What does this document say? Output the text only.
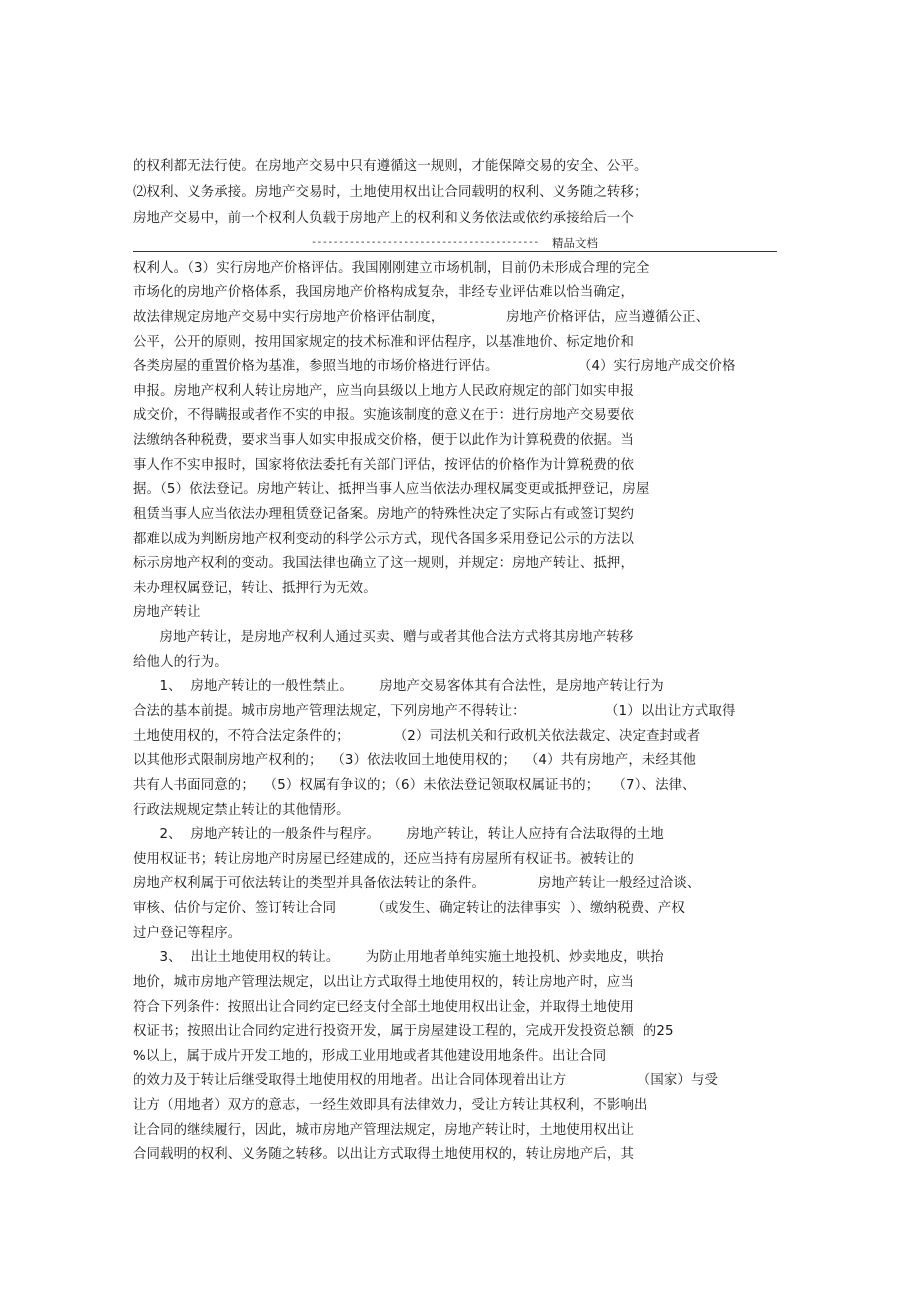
的权利都无法行使。在房地产交易中只有遵循这一规则，才能保障交易的安全、公平。
⑵权利、义务承接。房地产交易时，土地使用权出让合同载明的权利、义务随之转移；
房地产交易中，前一个权利人负载于房地产上的权利和义务依法或依约承接给后一个
------------------------------------------ 精品文档
权利人。（3）实行房地产价格评估。我国刚刚建立市场机制，目前仍未形成合理的完全
市场化的房地产价格体系，我国房地产价格构成复杂，非经专业评估难以恰当确定，
故法律规定房地产交易中实行房地产价格评估制度，              房地产价格评估，应当遵循公正、
公平，公开的原则，按用国家规定的技术标准和评估程序，以基准地价、标定地价和
各类房屋的重置价格为基准，参照当地的市场价格进行评估。                  （4）实行房地产成交价格
申报。房地产权利人转让房地产，应当向县级以上地方人民政府规定的部门如实申报
成交价，不得瞒报或者作不实的申报。实施该制度的意义在于：进行房地产交易要依
法缴纳各种税费，要求当事人如实申报成交价格，便于以此作为计算税费的依据。当
事人作不实申报时，国家将依法委托有关部门评估，按评估的价格作为计算税费的依
据。（5）依法登记。房地产转让、抵押当事人应当依法办理权属变更或抵押登记，房屋
租赁当事人应当依法办理租赁登记备案。房地产的特殊性决定了实际占有或签订契约
都难以成为判断房地产权利变动的科学公示方式，现代各国多采用登记公示的方法以
标示房地产权利的变动。我国法律也确立了这一规则，并规定：房地产转让、抵押，
未办理权属登记，转让、抵押行为无效。
房地产转让
房地产转让，是房地产权利人通过买卖、赠与或者其他合法方式将其房地产转移
给他人的行为。
1、  房地产转让的一般性禁止。      房地产交易客体其有合法性，是房地产转让行为
合法的基本前提。城市房地产管理法规定，下列房地产不得转让：                  （1）以出让方式取得
土地使用权的，不符合法定条件的；          （2）司法机关和行政机关依法裁定、决定查封或者
以其他形式限制房地产权利的；  （3）依法收回土地使用权的；  （4）共有房地产，未经其他
共有人书面同意的；  （5）权属有争议的；（6）未依法登记领取权属证书的；   （7）、法律、
行政法规规定禁止转让的其他情形。
2、  房地产转让的一般条件与程序。      房地产转让，转让人应持有合法取得的土地
使用权证书；转让房地产时房屋已经建成的，还应当持有房屋所有权证书。被转让的
房地产权利属于可依法转让的类型并具备依法转让的条件。            房地产转让一般经过洽谈、
审核、估价与定价、签订转让合同        （或发生、确定转让的法律事实  ）、缴纳税费、产权
过户登记等程序。
3、  出让土地使用权的转让。      为防止用地者单纯实施土地投机、炒卖地皮，哄抬
地价，城市房地产管理法规定，以出让方式取得土地使用权的，转让房地产时，应当
符合下列条件：按照出让合同约定已经支付全部土地使用权出让金，并取得土地使用
权证书；按照出让合同约定进行投资开发，属于房屋建设工程的，完成开发投资总额  的25
%以上，属于成片开发工地的，形成工业用地或者其他建设用地条件。出让合同
的效力及于转让后继受取得土地使用权的用地者。出让合同体现着出让方                （国家）与受
让方（用地者）双方的意志，一经生效即具有法律效力，受让方转让其权利，不影响出
让合同的继续履行，因此，城市房地产管理法规定，房地产转让时，土地使用权出让
合同载明的权利、义务随之转移。以出让方式取得土地使用权的，转让房地产后，其
